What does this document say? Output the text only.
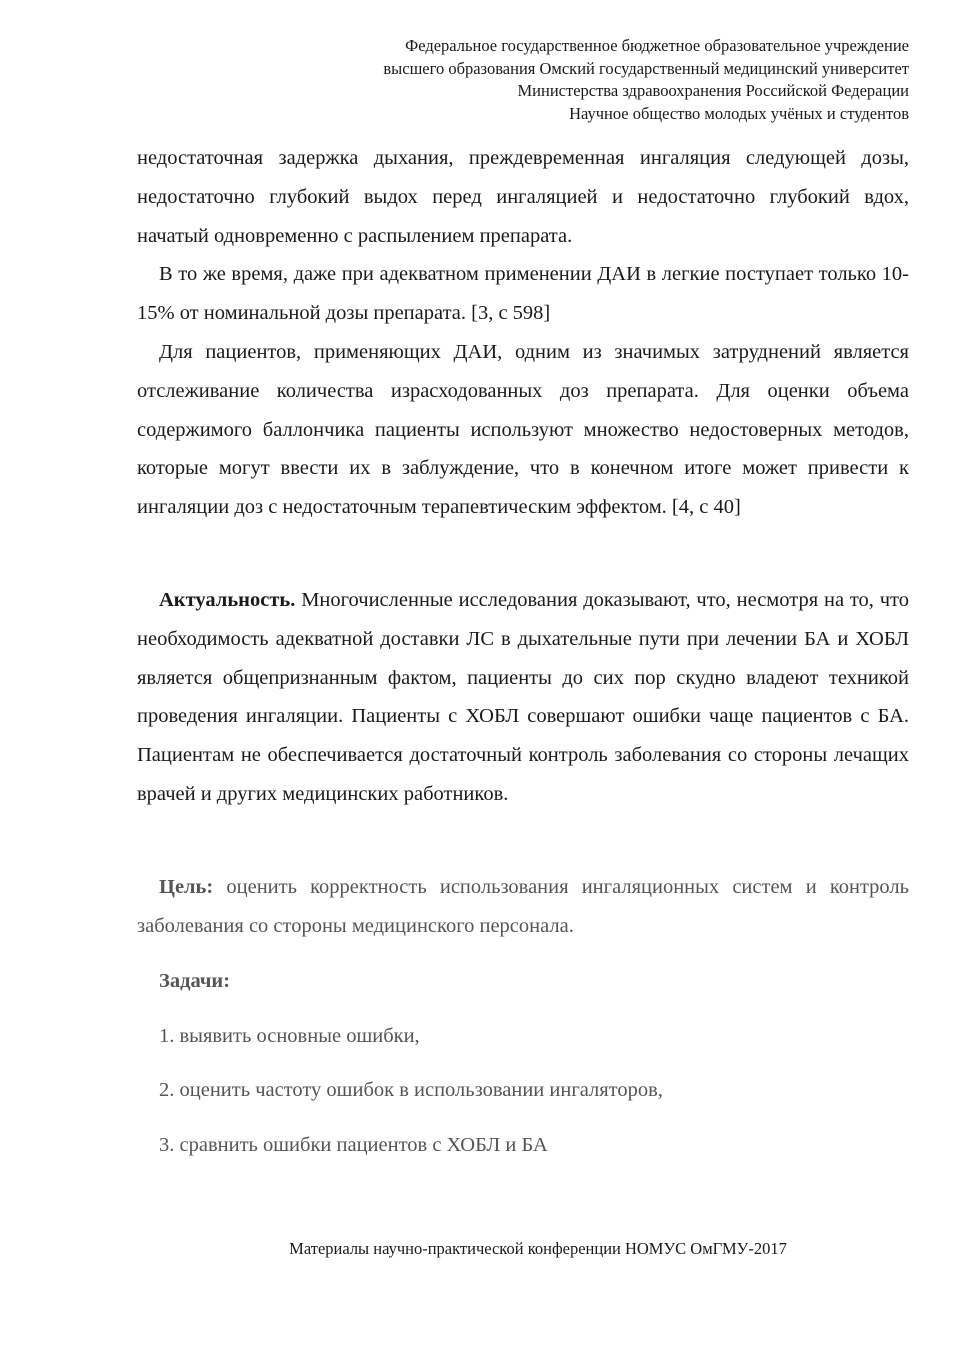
Федеральное государственное бюджетное образовательное учреждение
высшего образования Омский государственный медицинский университет
Министерства здравоохранения Российской Федерации
Научное общество молодых учёных и студентов

недостаточная задержка дыхания, преждевременная ингаляция следующей дозы, недостаточно глубокий выдох перед ингаляцией и недостаточно глубокий вдох, начатый одновременно с распылением препарата.

В то же время, даже при адекватном применении ДАИ в легкие поступает только 10-15% от номинальной дозы препарата. [3, с 598]

Для пациентов, применяющих ДАИ, одним из значимых затруднений является отслеживание количества израсходованных доз препарата. Для оценки объема содержимого баллончика пациенты используют множество недостоверных методов, которые могут ввести их в заблуждение, что в конечном итоге может привести к ингаляции доз с недостаточным терапевтическим эффектом. [4, с 40]

Актуальность. Многочисленные исследования доказывают, что, несмотря на то, что необходимость адекватной доставки ЛС в дыхательные пути при лечении БА и ХОБЛ является общепризнанным фактом, пациенты до сих пор скудно владеют техникой проведения ингаляции. Пациенты с ХОБЛ совершают ошибки чаще пациентов с БА. Пациентам не обеспечивается достаточный контроль заболевания со стороны лечащих врачей и других медицинских работников.

Цель: оценить корректность использования ингаляционных систем и контроль заболевания со стороны медицинского персонала.

Задачи:
1. выявить основные ошибки,
2. оценить частоту ошибок в использовании ингаляторов,
3. сравнить ошибки пациентов с ХОБЛ и БА
Материалы научно-практической конференции НОМУС ОмГМУ-2017
